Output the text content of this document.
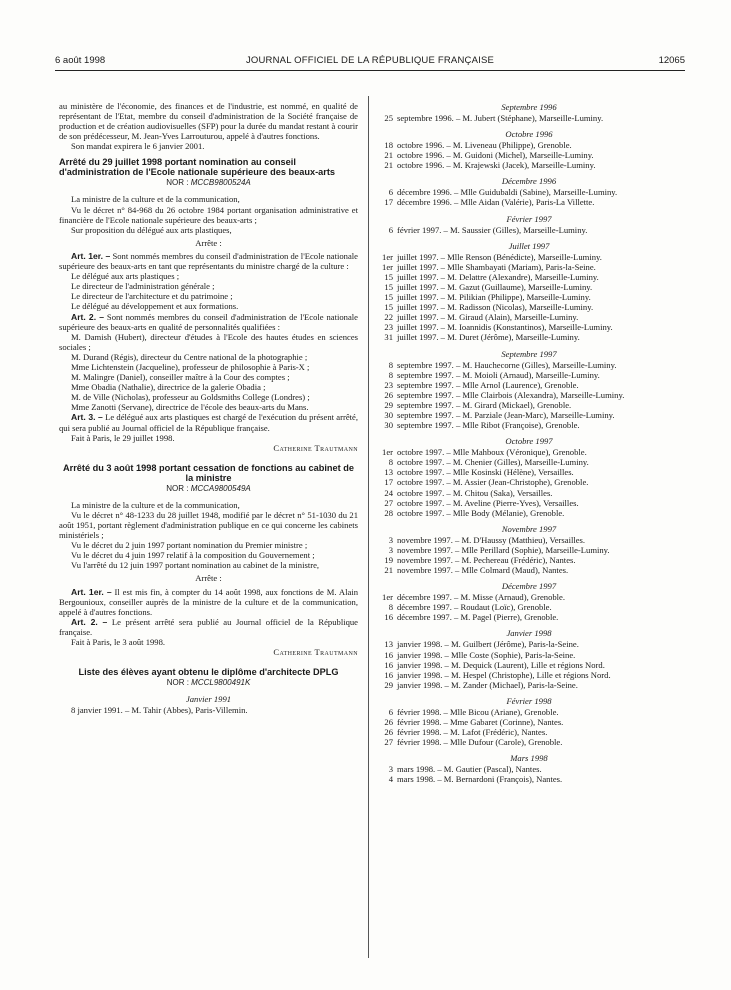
6 août 1998	JOURNAL OFFICIEL DE LA RÉPUBLIQUE FRANÇAISE	12065

au ministère de l'économie, des finances et de l'industrie, est nommé, en qualité de représentant de l'Etat, membre du conseil d'administration de la Société française de production et de création audiovisuelles (SFP) pour la durée du mandat restant à courir de son prédécesseur, M. Jean-Yves Larrouturou, appelé à d'autres fonctions.

Son mandat expirera le 6 janvier 2001.

Arrêté du 29 juillet 1998 portant nomination au conseil d'administration de l'Ecole nationale supérieure des beaux-arts

NOR : MCCB9800524A

La ministre de la culture et de la communication,

Vu le décret n° 84-968 du 26 octobre 1984 portant organisation administrative et financière de l'Ecole nationale supérieure des beaux-arts ;

Sur proposition du délégué aux arts plastiques,

Arrête :

Art. 1er. – Sont nommés membres du conseil d'administration de l'Ecole nationale supérieure des beaux-arts en tant que représentants du ministre chargé de la culture :

Le délégué aux arts plastiques ;

Le directeur de l'administration générale ;

Le directeur de l'architecture et du patrimoine ;

Le délégué au développement et aux formations.

Art. 2. – Sont nommés membres du conseil d'administration de l'Ecole nationale supérieure des beaux-arts en qualité de personnalités qualifiées :

M. Damish (Hubert), directeur d'études à l'Ecole des hautes études en sciences sociales ;

M. Durand (Régis), directeur du Centre national de la photographie ;

Mme Lichtenstein (Jacqueline), professeur de philosophie à Paris-X ;

M. Malingre (Daniel), conseiller maître à la Cour des comptes ;

Mme Obadia (Nathalie), directrice de la galerie Obadia ;

M. de Ville (Nicholas), professeur au Goldsmiths College (Londres) ;

Mme Zanotti (Servane), directrice de l'école des beaux-arts du Mans.

Art. 3. – Le délégué aux arts plastiques est chargé de l'exécution du présent arrêté, qui sera publié au Journal officiel de la République française.

Fait à Paris, le 29 juillet 1998.

Catherine Trautmann

Arrêté du 3 août 1998 portant cessation de fonctions au cabinet de la ministre

NOR : MCCA9800549A

La ministre de la culture et de la communication,

Vu le décret n° 48-1233 du 28 juillet 1948, modifié par le décret n° 51-1030 du 21 août 1951, portant règlement d'administration publique en ce qui concerne les cabinets ministériels ;

Vu le décret du 2 juin 1997 portant nomination du Premier ministre ;

Vu le décret du 4 juin 1997 relatif à la composition du Gouvernement ;

Vu l'arrêté du 12 juin 1997 portant nomination au cabinet de la ministre,

Arrête :

Art. 1er. – Il est mis fin, à compter du 14 août 1998, aux fonctions de M. Alain Bergounioux, conseiller auprès de la ministre de la culture et de la communication, appelé à d'autres fonctions.

Art. 2. – Le présent arrêté sera publié au Journal officiel de la République française.

Fait à Paris, le 3 août 1998.

Catherine Trautmann

Liste des élèves ayant obtenu le diplôme d'architecte DPLG

NOR : MCCL9800491K
Janvier 1991

8 janvier 1991. – M. Tahir (Abbes), Paris-Villemin.

Septembre 1996
25 septembre 1996. – M. Jubert (Stéphane), Marseille-Luminy.
Octobre 1996
18 octobre 1996. – M. Liveneau (Philippe), Grenoble.
21 octobre 1996. – M. Guidoni (Michel), Marseille-Luminy.
21 octobre 1996. – M. Krajewski (Jacek), Marseille-Luminy.
Décembre 1996
6 décembre 1996. – Mlle Guidubaldi (Sabine), Marseille-Luminy.
17 décembre 1996. – Mlle Aidan (Valérie), Paris-La Villette.
Février 1997
6 février 1997. – M. Saussier (Gilles), Marseille-Luminy.
Juillet 1997
1er juillet 1997. – Mlle Renson (Bénédicte), Marseille-Luminy.
1er juillet 1997. – Mlle Shambayati (Mariam), Paris-la-Seine.
15 juillet 1997. – M. Delattre (Alexandre), Marseille-Luminy.
15 juillet 1997. – M. Gazut (Guillaume), Marseille-Luminy.
15 juillet 1997. – M. Pilikian (Philippe), Marseille-Luminy.
15 juillet 1997. – M. Radisson (Nicolas), Marseille-Luminy.
22 juillet 1997. – M. Giraud (Alain), Marseille-Luminy.
23 juillet 1997. – M. Ioannidis (Konstantinos), Marseille-Luminy.
31 juillet 1997. – M. Duret (Jérôme), Marseille-Luminy.
Septembre 1997
8 septembre 1997. – M. Hauchecorne (Gilles), Marseille-Luminy.
8 septembre 1997. – M. Moioli (Arnaud), Marseille-Luminy.
23 septembre 1997. – Mlle Arnol (Laurence), Grenoble.
26 septembre 1997. – Mlle Clairbois (Alexandra), Marseille-Luminy.
29 septembre 1997. – M. Girard (Mickael), Grenoble.
30 septembre 1997. – M. Parziale (Jean-Marc), Marseille-Luminy.
30 septembre 1997. – Mlle Ribot (Françoise), Grenoble.
Octobre 1997
1er octobre 1997. – Mlle Mahboux (Véronique), Grenoble.
8 octobre 1997. – M. Chenier (Gilles), Marseille-Luminy.
13 octobre 1997. – Mlle Kosinski (Hélène), Versailles.
17 octobre 1997. – M. Assier (Jean-Christophe), Grenoble.
24 octobre 1997. – M. Chitou (Saka), Versailles.
27 octobre 1997. – M. Aveline (Pierre-Yves), Versailles.
28 octobre 1997. – Mlle Body (Mélanie), Grenoble.
Novembre 1997
3 novembre 1997. – M. D'Haussy (Matthieu), Versailles.
3 novembre 1997. – Mlle Perillard (Sophie), Marseille-Luminy.
19 novembre 1997. – M. Pechereau (Frédéric), Nantes.
21 novembre 1997. – Mlle Colmard (Maud), Nantes.
Décembre 1997
1er décembre 1997. – M. Misse (Arnaud), Grenoble.
8 décembre 1997. – Roudaut (Loïc), Grenoble.
16 décembre 1997. – M. Pagel (Pierre), Grenoble.
Janvier 1998
13 janvier 1998. – M. Guilbert (Jérôme), Paris-la-Seine.
16 janvier 1998. – Mlle Coste (Sophie), Paris-la-Seine.
16 janvier 1998. – M. Dequick (Laurent), Lille et régions Nord.
16 janvier 1998. – M. Hespel (Christophe), Lille et régions Nord.
29 janvier 1998. – M. Zander (Michael), Paris-la-Seine.
Février 1998
6 février 1998. – Mlle Bicou (Ariane), Grenoble.
26 février 1998. – Mme Gabaret (Corinne), Nantes.
26 février 1998. – M. Lafot (Frédéric), Nantes.
27 février 1998. – Mlle Dufour (Carole), Grenoble.
Mars 1998
3 mars 1998. – M. Gautier (Pascal), Nantes.
4 mars 1998. – M. Bernardoni (François), Nantes.
